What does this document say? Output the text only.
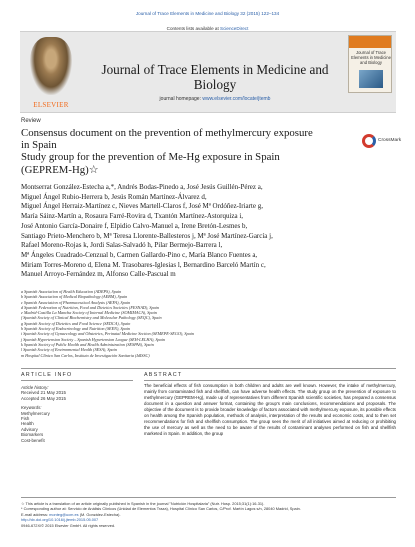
Journal of Trace Elements in Medicine and Biology 32 (2015) 122–134
Contents lists available at ScienceDirect
ELSEVIER
Journal of Trace Elements in Medicine and Biology
journal homepage: www.elsevier.com/locate/jtemb
Journal of Trace Elements in Medicine and Biology
Review
Consensus document on the prevention of methylmercury exposure
in Spain
Study group for the prevention of Me-Hg exposure in Spain
(GEPREM-Hg)☆
CrossMark
Montserrat González-Estecha a,*, Andrés Bodas-Pinedo a, José Jesús Guillén-Pérez a,
Miguel Ángel Rubio-Herrera b, Jesús Román Martínez-Álvarez d,
Miguel Ángel Herraiz-Martínez c, Nieves Martell-Claros f, José Mª Ordóñez-Iriarte g,
María Sáinz-Martín a, Rosaura Farré-Rovira d, Txantón Martínez-Astorquiza i,
José Antonio García-Donaire f, Elpidio Calvo-Manuel a, Irene Bretón-Lesmes b,
Santiago Prieto-Menchero b, Mª Teresa Llorente-Ballesteros j, Mª José Martínez-García j,
Rafael Moreno-Rojas k, Jordi Salas-Salvadó h, Pilar Bermejo-Barrera l,
Mª Ángeles Cuadrado-Cenzual b, Carmen Gallardo-Pino c, María Blanco Fuentes a,
Miriam Torres-Moreno d, Elena M. Trasobares-Iglesias l, Bernardino Barceló Martín c,
Manuel Arroyo-Fernández m, Alfonso Calle-Pascual m
a Spanish Association of Health Education (ADEPS), Spain
b Spanish Association of Medical Biopathology (AEBM), Spain
c Spanish Association of Pharmaceutical Analysts (AEFA), Spain
d Spanish Federation of Nutrition, Food and Dietetics Societies (FESNAD), Spain
e Madrid-Castilla La Mancha Society of Internal Medicine (SOMIMACA), Spain
f Spanish Society of Clinical Biochemistry and Molecular Pathology (SEQC), Spain
g Spanish Society of Dietetics and Food Science (SEDCA), Spain
h Spanish Society of Endocrinology and Nutrition (SEEN), Spain
i Spanish Society of Gynaecology and Obstetrics, Perinatal Medicine Section (SEMEPE-SEGO), Spain
j Spanish Hypertension Society – Spanish Hypertension League (SEH-LELHA), Spain
k Spanish Society of Public Health and Health Administration (SESPAS), Spain
l Spanish Society of Environmental Health (SESA), Spain
m Hospital Clínico San Carlos, Instituto de Investigación Sanitaria (IdISSC)
ARTICLE INFO	ABSTRACT
Article history:
Received 21 May 2015
Accepted 26 May 2015
Keywords:
Methylmercury
Fish
Health
Advisory
Biomarkers
Cost-benefit
The beneficial effects of fish consumption in both children and adults are well known. However, the intake of methylmercury, mainly from contaminated fish and shellfish, can have adverse health effects. The study group on the prevention of exposure to methylmercury (GEPREM-Hg), made up of representatives from different Spanish scientific societies, has prepared a consensus document in a question and answer format, containing the group's main conclusions, recommendations and proposals. The objective of the document is to provide broader knowledge of factors associated with methylmercury exposure, its possible effects on health among the Spanish population, methods of analysis, interpretation of the results and economic costs, and to then set recommendations for fish and shellfish consumption. The group sees the merit of all initiatives aimed at reducing or prohibiting the use of mercury as well as the need to be aware of the results of contaminant analyses performed on fish and shellfish marketed in Spain. In addition, the group
☆ This article is a translation of an article originally published in Spanish in the journal "Nutrición Hospitalaria" (Nutr. Hosp. 2015;31(1):16-31).
* Corresponding author at: Servicio de Análisis Clínicos (Unidad de Elementos Traza), Hospital Clínico San Carlos, C/Prof. Martín Lagos s/n, 28040 Madrid, Spain.
E-mail address: monteg@ucm.es (M. González-Estecha).
http://dx.doi.org/10.1016/j.jtemb.2015.05.007
0946-672X/© 2015 Elsevier GmbH. All rights reserved.
